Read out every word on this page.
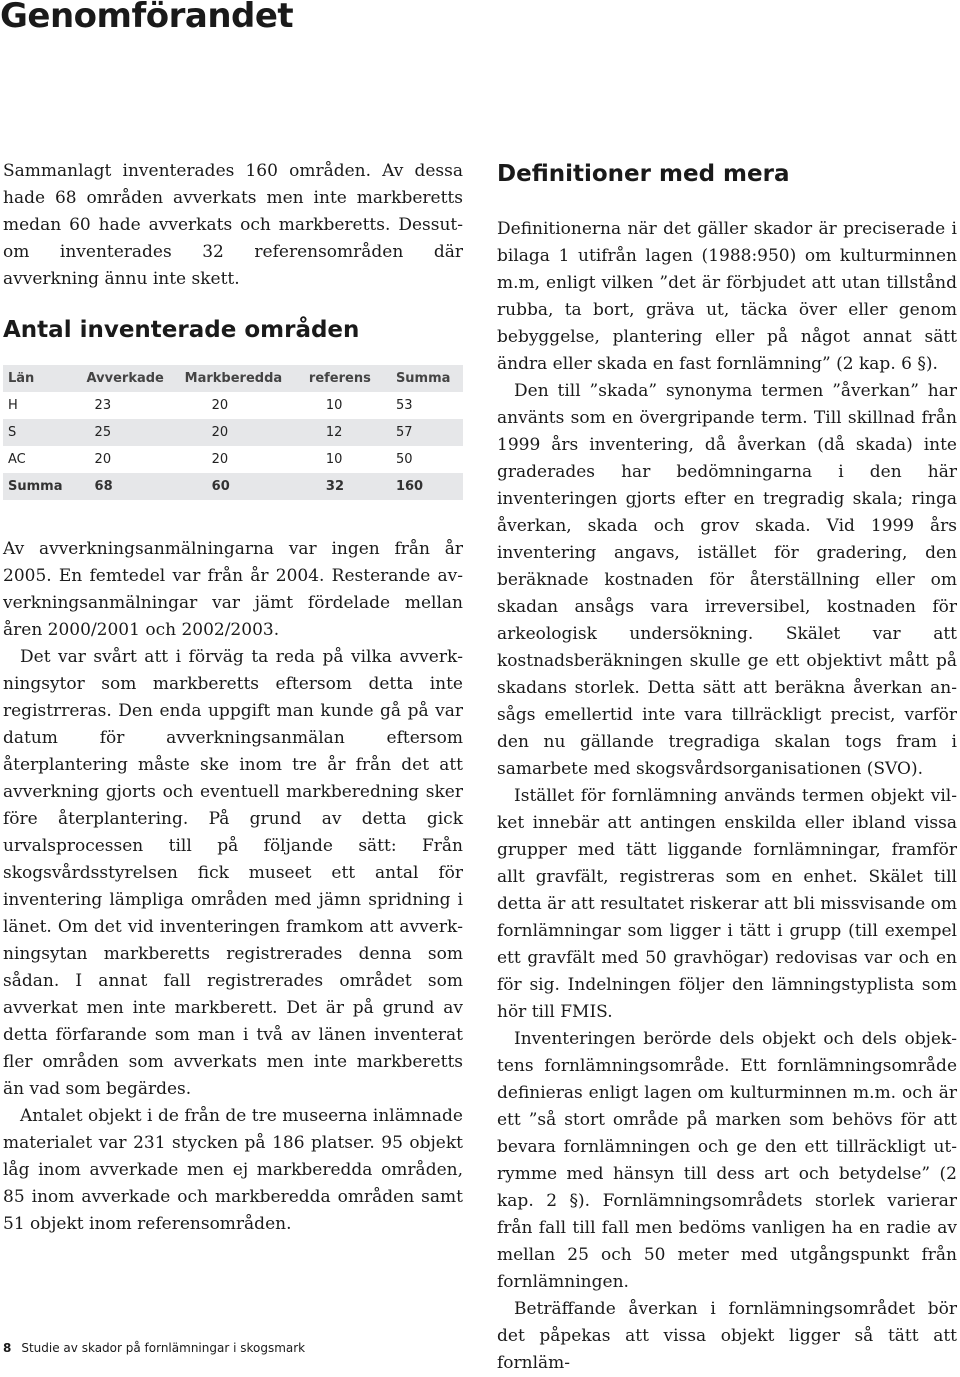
Genomförandet

Sammanlagt inventerades 160 områden. Av dessa hade 68 områden avverkats men inte markberetts medan 60 hade avverkats och markberetts. Dessutom inventerades 32 referensområden där avverkning ännu inte skett.

Antal inventerade områden
Län	Avverkade	Markberedda	referens	Summa
H	23	20	10	53
S	25	20	12	57
AC	20	20	10	50
Summa	68	60	32	160

Av avverkningsanmälningarna var ingen från år 2005. En femtedel var från år 2004. Resterande avverkningsanmälningar var jämt fördelade mellan åren 2000/2001 och 2002/2003.

Det var svårt att i förväg ta reda på vilka avverkningsytor som markberetts eftersom detta inte registrreras. Den enda uppgift man kunde gå på var datum för avverkningsanmälan eftersom återplantering måste ske inom tre år från det att avverkning gjorts och eventuell markberedning sker före återplantering. På grund av detta gick urvalsprocessen till på följande sätt: Från skogsvårdsstyrelsen fick museet ett antal för inventering lämpliga områden med jämn spridning i länet. Om det vid inventeringen framkom att avverkningsytan markberetts registrerades denna som sådan. I annat fall registrerades området som avverkat men inte markberett. Det är på grund av detta förfarande som man i två av länen inventerat fler områden som avverkats men inte markberetts än vad som begärdes.

Antalet objekt i de från de tre museerna inlämnade materialet var 231 stycken på 186 platser. 95 objekt låg inom avverkade men ej markberedda områden, 85 inom avverkade och markberedda områden samt 51 objekt inom referensområden.

Definitioner med mera

Definitionerna när det gäller skador är preciserade i bilaga 1 utifrån lagen (1988:950) om kulturminnen m.m, enligt vilken ”det är förbjudet att utan tillstånd rubba, ta bort, gräva ut, täcka över eller genom bebyggelse, plantering eller på något annat sätt ändra eller skada en fast fornlämning” (2 kap. 6 §).

Den till ”skada” synonyma termen ”åverkan” har använts som en övergripande term. Till skillnad från 1999 års inventering, då åverkan (då skada) inte graderades har bedömningarna i den här inventeringen gjorts efter en tregradig skala; ringa åverkan, skada och grov skada. Vid 1999 års inventering angavs, istället för gradering, den beräknade kostnaden för återställning eller om skadan ansågs vara irreversibel, kostnaden för arkeologisk undersökning. Skälet var att kostnadsberäkningen skulle ge ett objektivt mått på skadans storlek. Detta sätt att beräkna åverkan ansågs emellertid inte vara tillräckligt precist, varför den nu gällande tregradiga skalan togs fram i samarbete med skogsvårdsorganisationen (SVO).

Istället för fornlämning används termen objekt vilket innebär att antingen enskilda eller ibland vissa grupper med tätt liggande fornlämningar, framför allt gravfält, registreras som en enhet. Skälet till detta är att resultatet riskerar att bli missvisande om fornlämningar som ligger i tätt i grupp (till exempel ett gravfält med 50 gravhögar) redovisas var och en för sig. Indelningen följer den lämningstyplista som hör till FMIS.

Inventeringen berörde dels objekt och dels objektens fornlämningsområde. Ett fornlämningsområde definieras enligt lagen om kulturminnen m.m. och är ett ”så stort område på marken som behövs för att bevara fornlämningen och ge den ett tillräckligt utrymme med hänsyn till dess art och betydelse” (2 kap. 2 §). Fornlämningsområdets storlek varierar från fall till fall men bedöms vanligen ha en radie av mellan 25 och 50 meter med utgångspunkt från fornlämningen.

Beträffande åverkan i fornlämningsområdet bör det påpekas att vissa objekt ligger så tätt att fornläm-

8 Studie av skador på fornlämningar i skogsmark
